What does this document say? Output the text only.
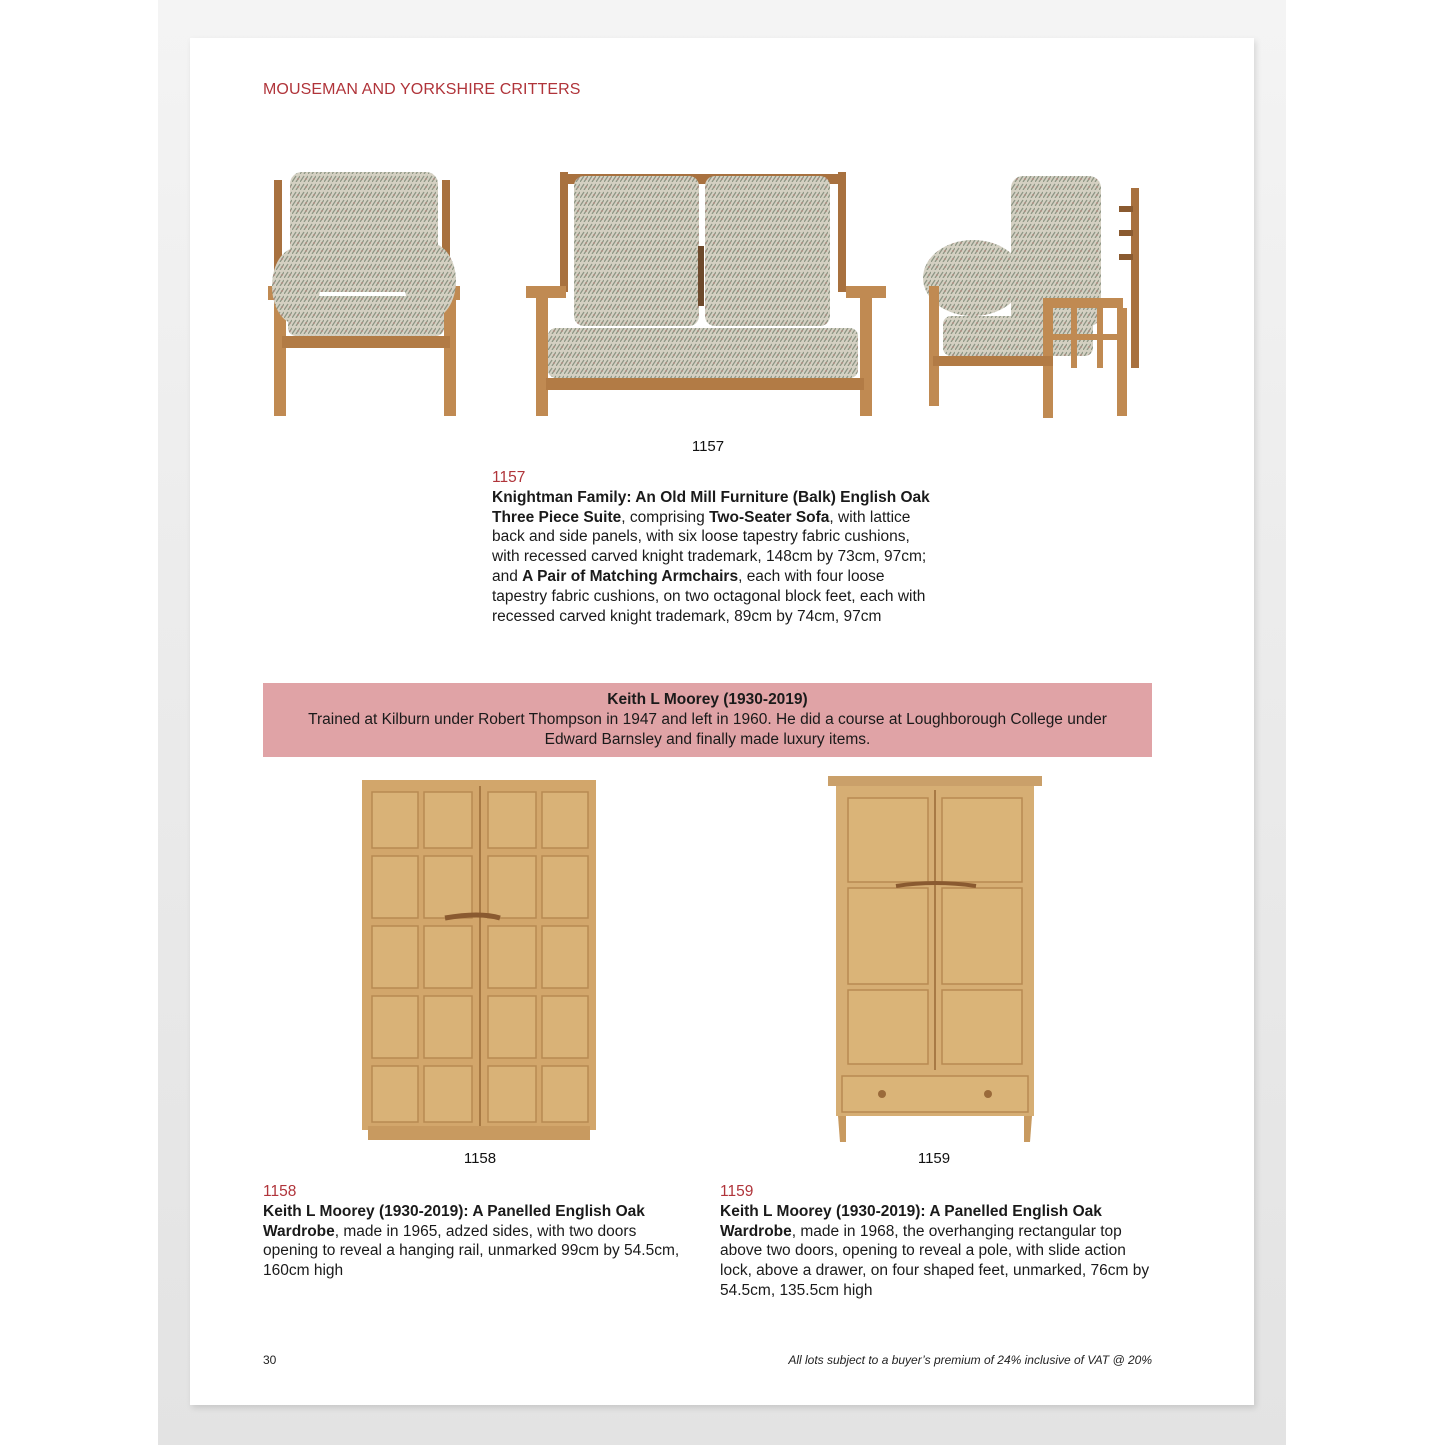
MOUSEMAN AND YORKSHIRE CRITTERS
1157
1157
Knightman Family: An Old Mill Furniture (Balk) English Oak Three Piece Suite, comprising Two-Seater Sofa, with lattice back and side panels, with six loose tapestry fabric cushions, with recessed carved knight trademark, 148cm by 73cm, 97cm; and A Pair of Matching Armchairs, each with four loose tapestry fabric cushions, on two octagonal block feet, each with recessed carved knight trademark, 89cm by 74cm, 97cm
Keith L Moorey (1930-2019)
Trained at Kilburn under Robert Thompson in 1947 and left in 1960. He did a course at Loughborough College under
Edward Barnsley and finally made luxury items.
1158	1159
1158
Keith L Moorey (1930-2019): A Panelled English Oak Wardrobe, made in 1965, adzed sides, with two doors opening to reveal a hanging rail, unmarked 99cm by 54.5cm, 160cm high
1159
Keith L Moorey (1930-2019): A Panelled English Oak Wardrobe, made in 1968, the overhanging rectangular top above two doors, opening to reveal a pole, with slide action lock, above a drawer, on four shaped feet, unmarked, 76cm by 54.5cm, 135.5cm high
30	All lots subject to a buyer’s premium of 24% inclusive of VAT @ 20%
